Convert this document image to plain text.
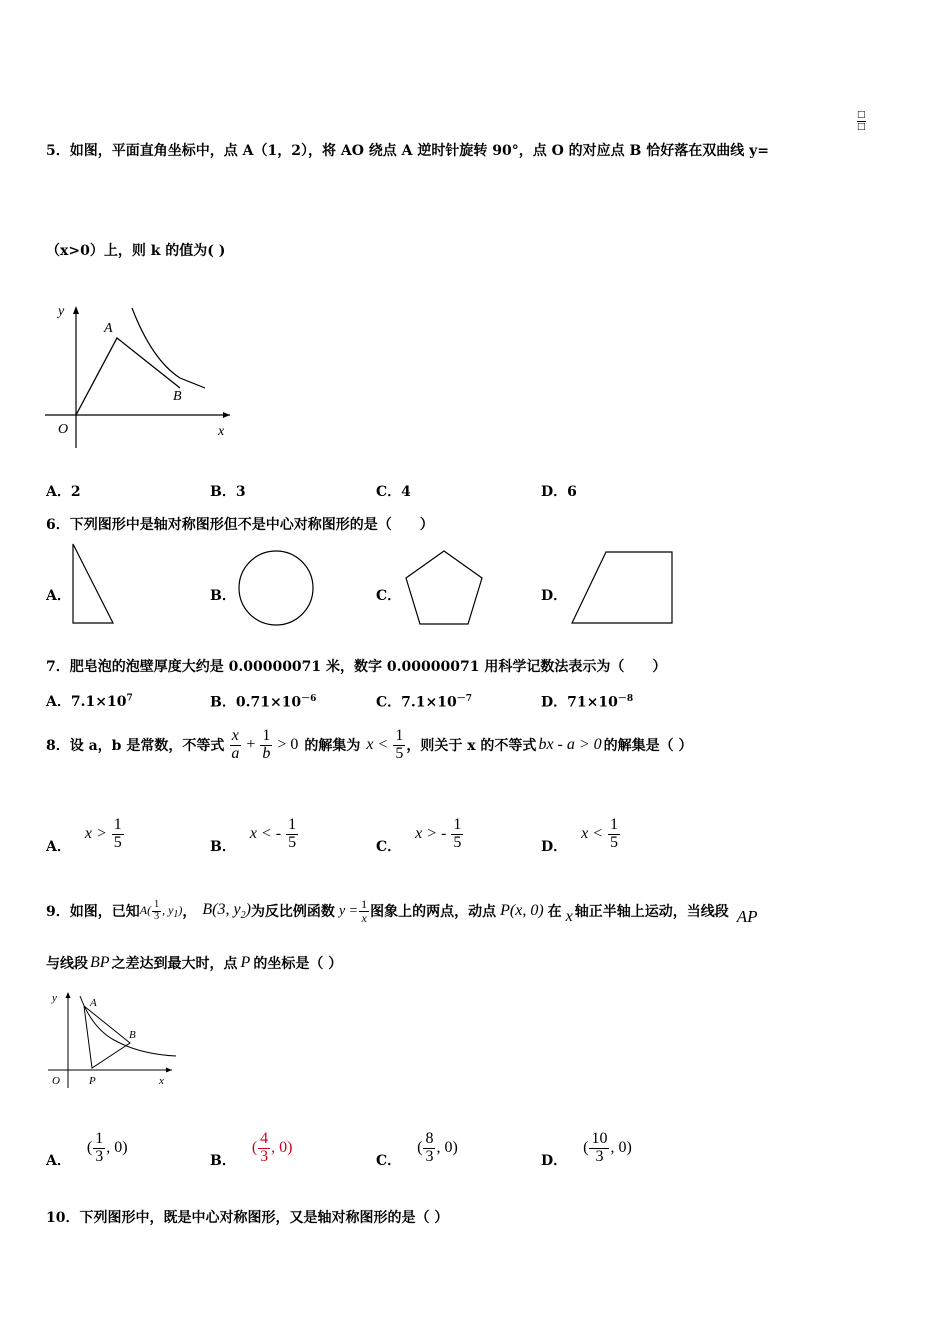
5．如图，平面直角坐标中，点 A（1，2），将 AO 绕点 A 逆时针旋转 90°，点 O 的对应点 B 恰好落在双曲线 y=
□
□
（x>0）上，则 k 的值为( )
y
x
O
A
B
A．2	B．3	C．4	D．6
6．下列图形中是轴对称图形但不是中心对称图形的是（　　）
A．	B．	C．	D．
7．肥皂泡的泡壁厚度大约是 0.00000071 米，数字 0.00000071 用科学记数法表示为（　　）
A．$7.1\times 10^7$	B．$0.71\times 10^{-6}$	C．$7.1\times 10^{-7}$	D．$71\times 10^{-8}$
8．设 a，b 是常数，不等式 $\frac{x}{a} + \frac{1}{b} > 0$ 的解集为 $x < \frac{1}{5}$ ，则关于 x 的不等式 bx - a > 0 的解集是（ ）
A．
$x > \frac{1}{5}$	B．
x < - $\frac{1}{5}$	C．
x > - $\frac{1}{5}$	D．
$x < \frac{1}{5}$
9．如图，已知 $A( \frac{1}{3}$ , $y_1$) ， B(3, $y_2$) 为反比例函数 $y = \frac{1}{x}$ 图象上的两点，动点 P(x, 0) 在 x 轴正半轴上运动，当线段 AP
与线段 BP 之差达到最大时，点 P 的坐标是（ ）
y
x
O
A
B
P
A．
( $\frac{1}{3}$ , 0)
B．
( $\frac{4}{3}$ , 0)
C．
( $\frac{8}{3}$ , 0)
D．
( $\frac{10}{3}$ , 0)
10．下列图形中，既是中心对称图形，又是轴对称图形的是（ ）
